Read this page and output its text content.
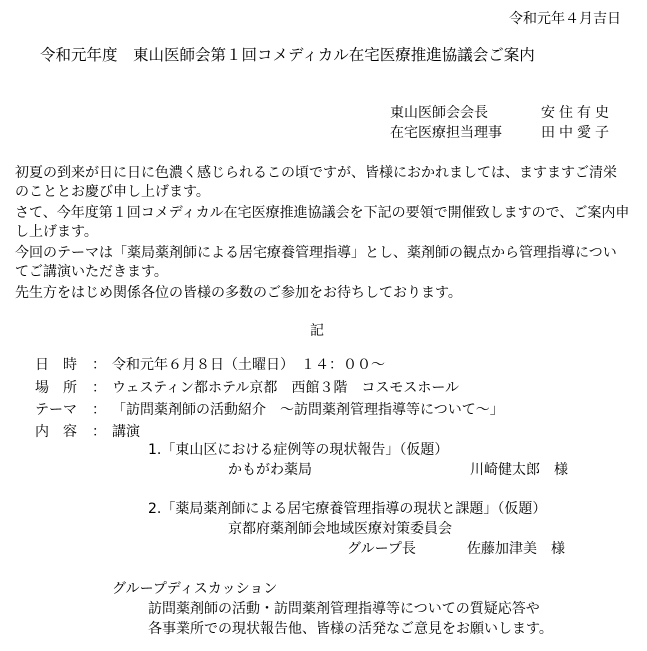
令和元年４月吉日
令和元年度　東山医師会第１回コメディカル在宅医療推進協議会ご案内
東山医師会会長	安住有史
在宅医療担当理事	田中愛子
初夏の到来が日に日に色濃く感じられるこの頃ですが、皆様におかれましては、ますますご清栄のこととお慶び申し上げます。
さて、今年度第１回コメディカル在宅医療推進協議会を下記の要領で開催致しますので、ご案内申し上げます。
今回のテーマは「薬局薬剤師による居宅療養管理指導」とし、薬剤師の観点から管理指導についてご講演いただきます。
先生方をはじめ関係各位の皆様の多数のご参加をお待ちしております。
記
日　時 ： 令和元年６月８日（土曜日）　１４：００～
場　所 ： ウェスティン都ホテル京都　西館３階　コスモスホール
テーマ ： 「訪問薬剤師の活動紹介　～訪問薬剤管理指導等について～」
内　容 ： 講演
1.「東山区における症例等の現状報告」（仮題）
かもがわ薬局	川崎健太郎　様
2.「薬局薬剤師による居宅療養管理指導の現状と課題」（仮題）
京都府薬剤師会地域医療対策委員会
グループ長	佐藤加津美　様
グループディスカッション
訪問薬剤師の活動・訪問薬剤管理指導等についての質疑応答や
各事業所での現状報告他、皆様の活発なご意見をお願いします。
